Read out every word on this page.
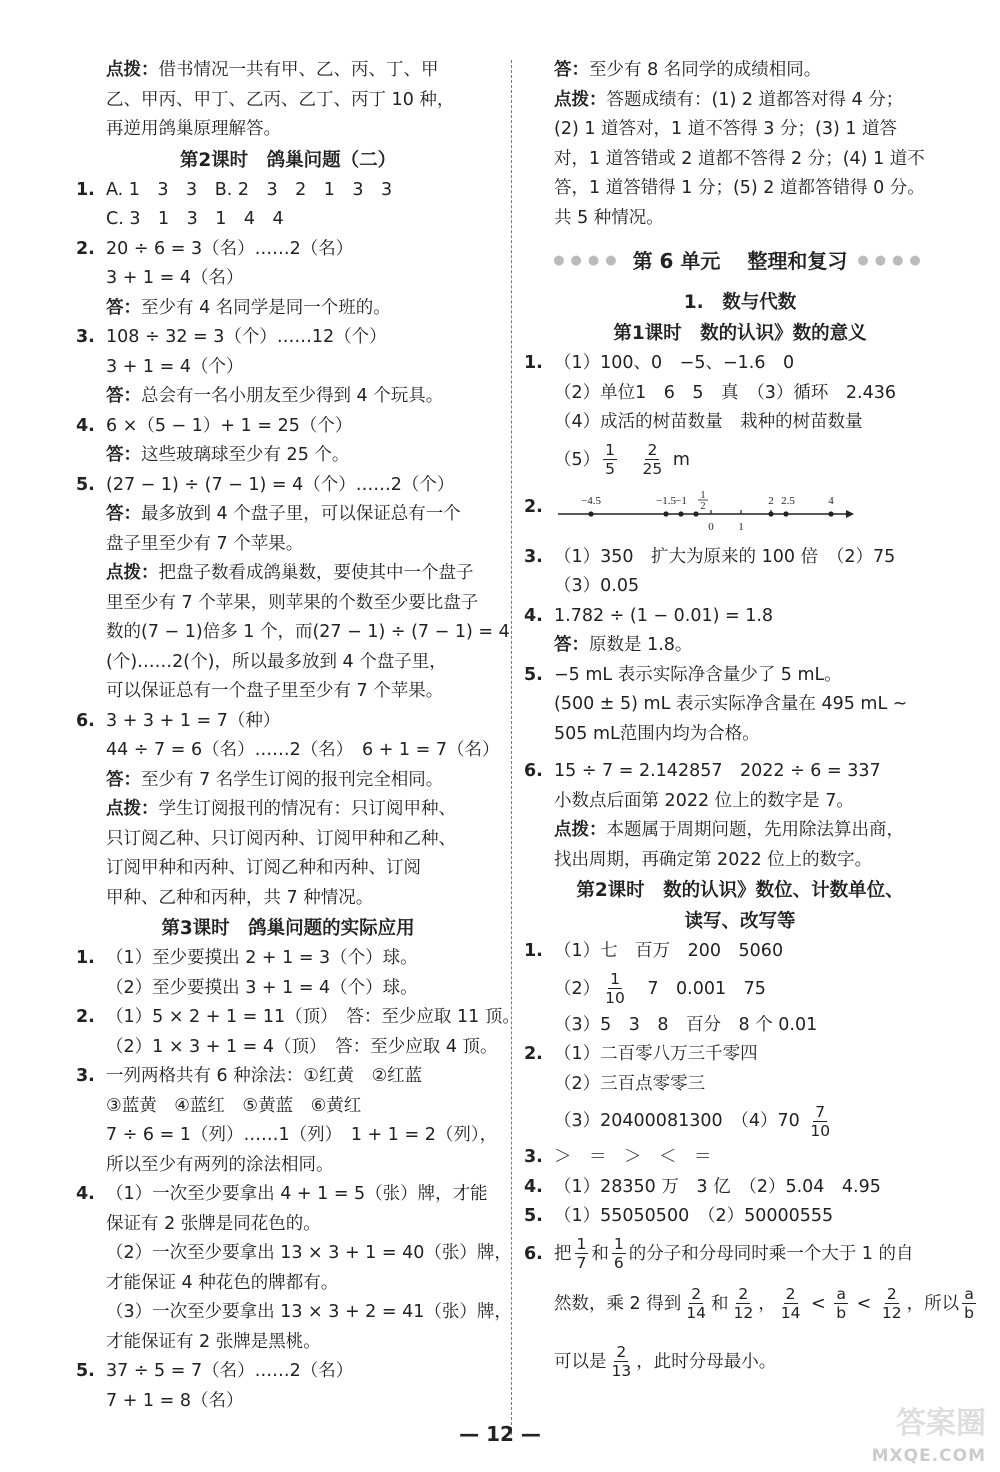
点拨：借书情况一共有甲、乙、丙、丁、甲
乙、甲丙、甲丁、乙丙、乙丁、丙丁 10 种，
再逆用鸽巢原理解答。
第2课时　鸽巢问题（二）
1. A. 1　3　3　B. 2　3　2　1　3　3
C. 3　1　3　1　4　4
2. 20 ÷ 6 = 3（名）……2（名）
3 + 1 = 4（名）
答：至少有 4 名同学是同一个班的。
3. 108 ÷ 32 = 3（个）……12（个）
3 + 1 = 4（个）
答：总会有一名小朋友至少得到 4 个玩具。
4. 6 ×（5 − 1）+ 1 = 25（个）
答：这些玻璃球至少有 25 个。
5. (27 − 1) ÷ (7 − 1) = 4（个）……2（个）
答：最多放到 4 个盘子里，可以保证总有一个
盘子里至少有 7 个苹果。
点拨：把盘子数看成鸽巢数，要使其中一个盘子
里至少有 7 个苹果，则苹果的个数至少要比盘子
数的(7 − 1)倍多 1 个，而(27 − 1) ÷ (7 − 1) = 4
(个)……2(个)，所以最多放到 4 个盘子里，
可以保证总有一个盘子里至少有 7 个苹果。
6. 3 + 3 + 1 = 7（种）
44 ÷ 7 = 6（名）……2（名）　6 + 1 = 7（名）
答：至少有 7 名学生订阅的报刊完全相同。
点拨：学生订阅报刊的情况有：只订阅甲种、
只订阅乙种、只订阅丙种、订阅甲种和乙种、
订阅甲种和丙种、订阅乙种和丙种、订阅
甲种、乙种和丙种，共 7 种情况。
第3课时　鸽巢问题的实际应用
1. （1）至少要摸出 2 + 1 = 3（个）球。
（2）至少要摸出 3 + 1 = 4（个）球。
2. （1）5 × 2 + 1 = 11（顶）　答：至少应取 11 顶。
（2）1 × 3 + 1 = 4（顶）　答：至少应取 4 顶。
3. 一列两格共有 6 种涂法：①红黄　②红蓝
③蓝黄　④蓝红　⑤黄蓝　⑥黄红
7 ÷ 6 = 1（列）……1（列）　1 + 1 = 2（列），
所以至少有两列的涂法相同。
4. （1）一次至少要拿出 4 + 1 = 5（张）牌，才能
保证有 2 张牌是同花色的。
（2）一次至少要拿出 13 × 3 + 1 = 40（张）牌，
才能保证 4 种花色的牌都有。
（3）一次至少要拿出 13 × 3 + 2 = 41（张）牌，
才能保证有 2 张牌是黑桃。
5. 37 ÷ 5 = 7（名）……2（名）
7 + 1 = 8（名）
答：至少有 8 名同学的成绩相同。
点拨：答题成绩有：(1) 2 道都答对得 4 分；
(2) 1 道答对，1 道不答得 3 分；(3) 1 道答
对，1 道答错或 2 道都不答得 2 分；(4) 1 道不
答，1 道答错得 1 分；(5) 2 道都答错得 0 分。
共 5 种情况。
●●●● 第 6 单元　 整理和复习 ●●●●
1.　数与代数
第1课时　数的认识》数的意义
1. （1）100、0　−5、−1.6　0
（2）单位1　6　5　真　（3）循环　2.436
（4）成活的树苗数量　栽种的树苗数量
$(5) \frac{1}{5}$
　 $\frac{2}{25}$ m
2.	−4.5	−1.5 −1 1
2
0 1
2 2.5	4
3. （1）350　扩大为原来的 100 倍　（2）75
（3）0.05
4. 1.782 ÷ (1 − 0.01) = 1.8
答：原数是 1.8。
5. −5 mL 表示实际净含量少了 5 mL。
(500 ± 5) mL 表示实际净含量在 495 mL ~
505 mL范围内均为合格。
6. 15 ÷ 7 = 2.142857　2022 ÷ 6 = 337
小数点后面第 2022 位上的数字是 7。
点拨：本题属于周期问题，先用除法算出商，
找出周期，再确定第 2022 位上的数字。
第2课时　数的认识》数位、计数单位、
读写、改写等
1. （1）七　百万　200　5060
$(2) \frac{1}{10}$ 　7　0.001　75
（3）5　3　8　百分　8 个 0.01
2. （1）二百零八万三千零四
（2）三百点零零三
（3）20400081300　$(4)70 \frac{7}{10}$
3. ＞　＝　＞　＜　＝
4. （1）28350 万　3 亿　（2）5.04　4.95
5. （1）55050500　（2）50000555
6. 把 $\frac{1}{7}$ 和 $\frac{1}{6}$ 的分子和分母同时乘一个大于 1 的自
然数，乘 2 得到 $\frac{2}{14}$ 和 $\frac{2}{12}$ ， $\frac{2}{14} < \frac{a}{b} < \frac{2}{12}$ ，所以 $\frac{a}{b}$
可以是 $\frac{2}{13}$ ，此时分母最小。
— 12 —	答案圈
MXQE.COM
